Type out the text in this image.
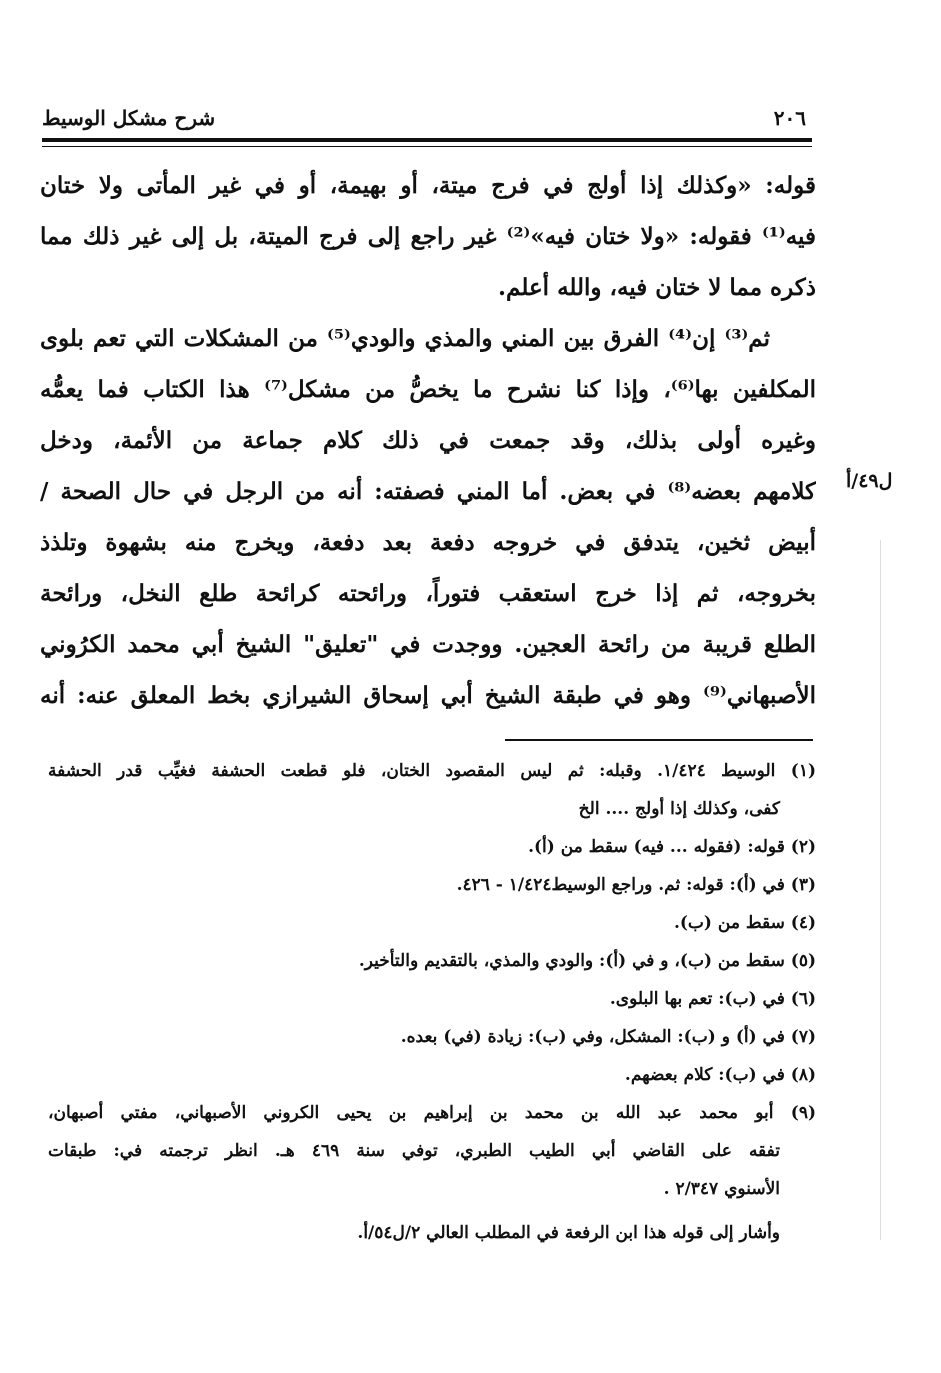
شرح مشكل الوسيط	٢٠٦
ل٤٩/أ
قوله: «وكذلك إذا أولج في فرج ميتة، أو بهيمة، أو في غير المأتى ولا ختان
فيه⁽¹⁾ فقوله: «ولا ختان فيه»⁽²⁾ غير راجع إلى فرج الميتة، بل إلى غير ذلك مما
ذكره مما لا ختان فيه، والله أعلم.
ثم⁽³⁾ إن⁽⁴⁾ الفرق بين المني والمذي والودي⁽⁵⁾ من المشكلات التي تعم بلوى
المكلفين بها⁽⁶⁾، وإذا كنا نشرح ما يخصُّ من مشكل⁽⁷⁾ هذا الكتاب فما يعمُّه
وغيره أولى بذلك، وقد جمعت في ذلك كلام جماعة من الأئمة، ودخل
كلامهم بعضه⁽⁸⁾ في بعض. أما المني فصفته: أنه من الرجل في حال الصحة /
أبيض ثخين، يتدفق في خروجه دفعة بعد دفعة، ويخرج منه بشهوة وتلذذ
بخروجه، ثم إذا خرج استعقب فتوراً، ورائحته كرائحة طلع النخل، ورائحة
الطلع قريبة من رائحة العجين. ووجدت في "تعليق" الشيخ أبي محمد الكرُوني
الأصبهاني⁽⁹⁾ وهو في طبقة الشيخ أبي إسحاق الشيرازي بخط المعلق عنه: أنه
(١) الوسيط ١/٤٢٤. وقبله: ثم ليس المقصود الختان، فلو قطعت الحشفة فغيِّب قدر الحشفة
كفى، وكذلك إذا أولج .... الخ
(٢) قوله: (فقوله ... فيه) سقط من (أ).
(٣) في (أ): قوله: ثم. وراجع الوسيط١/٤٢٤ - ٤٢٦.
(٤) سقط من (ب).
(٥) سقط من (ب)، و في (أ): والودي والمذي، بالتقديم والتأخير.
(٦) في (ب): تعم بها البلوى.
(٧) في (أ) و (ب): المشكل، وفي (ب): زيادة (في) بعده.
(٨) في (ب): كلام بعضهم.
(٩) أبو محمد عبد الله بن محمد بن إبراهيم بن يحيى الكروني الأصبهاني، مفتي أصبهان،
تفقه على القاضي أبي الطيب الطبري، توفي سنة ٤٦٩ هـ. انظر ترجمته في: طبقات
الأسنوي ٢/٣٤٧ .
وأشار إلى قوله هذا ابن الرفعة في المطلب العالي ٢/ل٥٤/أ.
